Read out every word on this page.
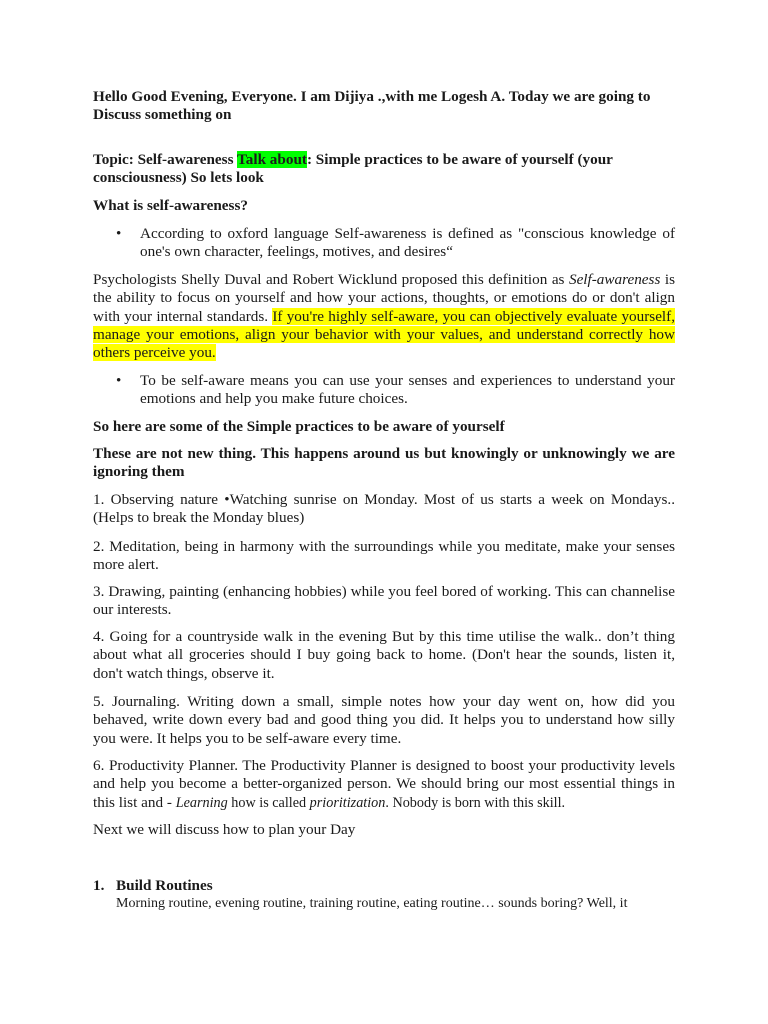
Hello Good Evening, Everyone. I am Dijiya .,with me Logesh A. Today we are going to Discuss something on

Topic: Self-awareness Talk about: Simple practices to be aware of yourself (your consciousness) So lets look

What is self-awareness?

•	According to oxford language Self-awareness is defined as "conscious knowledge of one's own character, feelings, motives, and desires“

Psychologists Shelly Duval and Robert Wicklund proposed this definition as Self-awareness is the ability to focus on yourself and how your actions, thoughts, or emotions do or don't align with your internal standards. If you're highly self-aware, you can objectively evaluate yourself, manage your emotions, align your behavior with your values, and understand correctly how others perceive you.

•	To be self-aware means you can use your senses and experiences to understand your emotions and help you make future choices.

So here are some of the Simple practices to be aware of yourself

These are not new thing. This happens around us but knowingly or unknowingly we are ignoring them

1. Observing nature •Watching sunrise on Monday. Most of us starts a week on Mondays.. (Helps to break the Monday blues)

2. Meditation, being in harmony with the surroundings while you meditate, make your senses more alert.

3. Drawing, painting (enhancing hobbies) while you feel bored of working. This can channelise our interests.

4. Going for a countryside walk in the evening But by this time utilise the walk.. don’t thing about what all groceries should I buy going back to home. (Don't hear the sounds, listen it, don't watch things, observe it.

5. Journaling. Writing down a small, simple notes how your day went on, how did you behaved, write down every bad and good thing you did. It helps you to understand how silly you were. It helps you to be self-aware every time.

6. Productivity Planner. The Productivity Planner is designed to boost your productivity levels and help you become a better-organized person. We should bring our most essential things in this list and - Learning how is called prioritization. Nobody is born with this skill.

Next we will discuss how to plan your Day

1. Build Routines
Morning routine, evening routine, training routine, eating routine… sounds boring? Well, it
